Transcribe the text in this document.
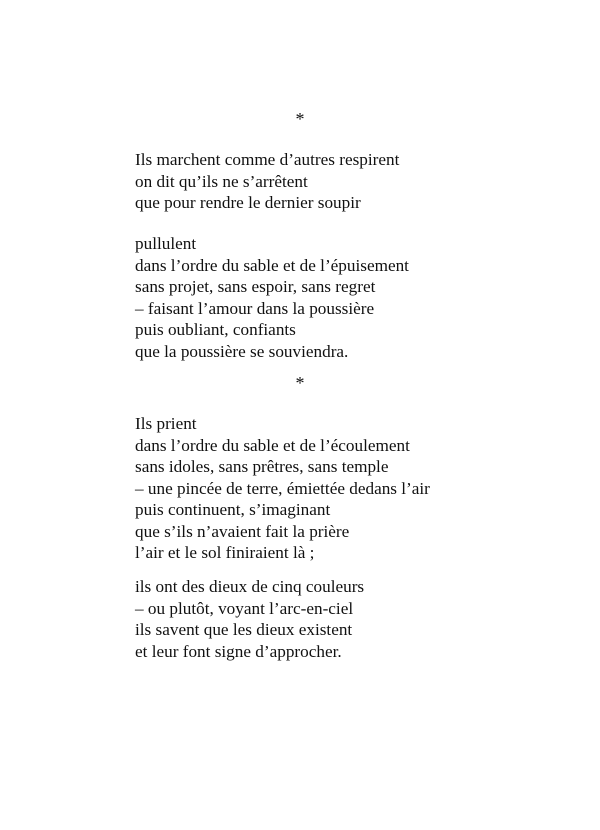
*
Ils marchent comme d’autres respirent
on dit qu’ils ne s’arrêtent
que pour rendre le dernier soupir
pullulent
dans l’ordre du sable et de l’épuisement
sans projet, sans espoir, sans regret
– faisant l’amour dans la poussière
puis oubliant, confiants
que la poussière se souviendra.
*
Ils prient
dans l’ordre du sable et de l’écoulement
sans idoles, sans prêtres, sans temple
– une pincée de terre, émiettée dedans l’air
puis continuent, s’imaginant
que s’ils n’avaient fait la prière
l’air et le sol finiraient là ;
ils ont des dieux de cinq couleurs
– ou plutôt, voyant l’arc-en-ciel
ils savent que les dieux existent
et leur font signe d’approcher.
